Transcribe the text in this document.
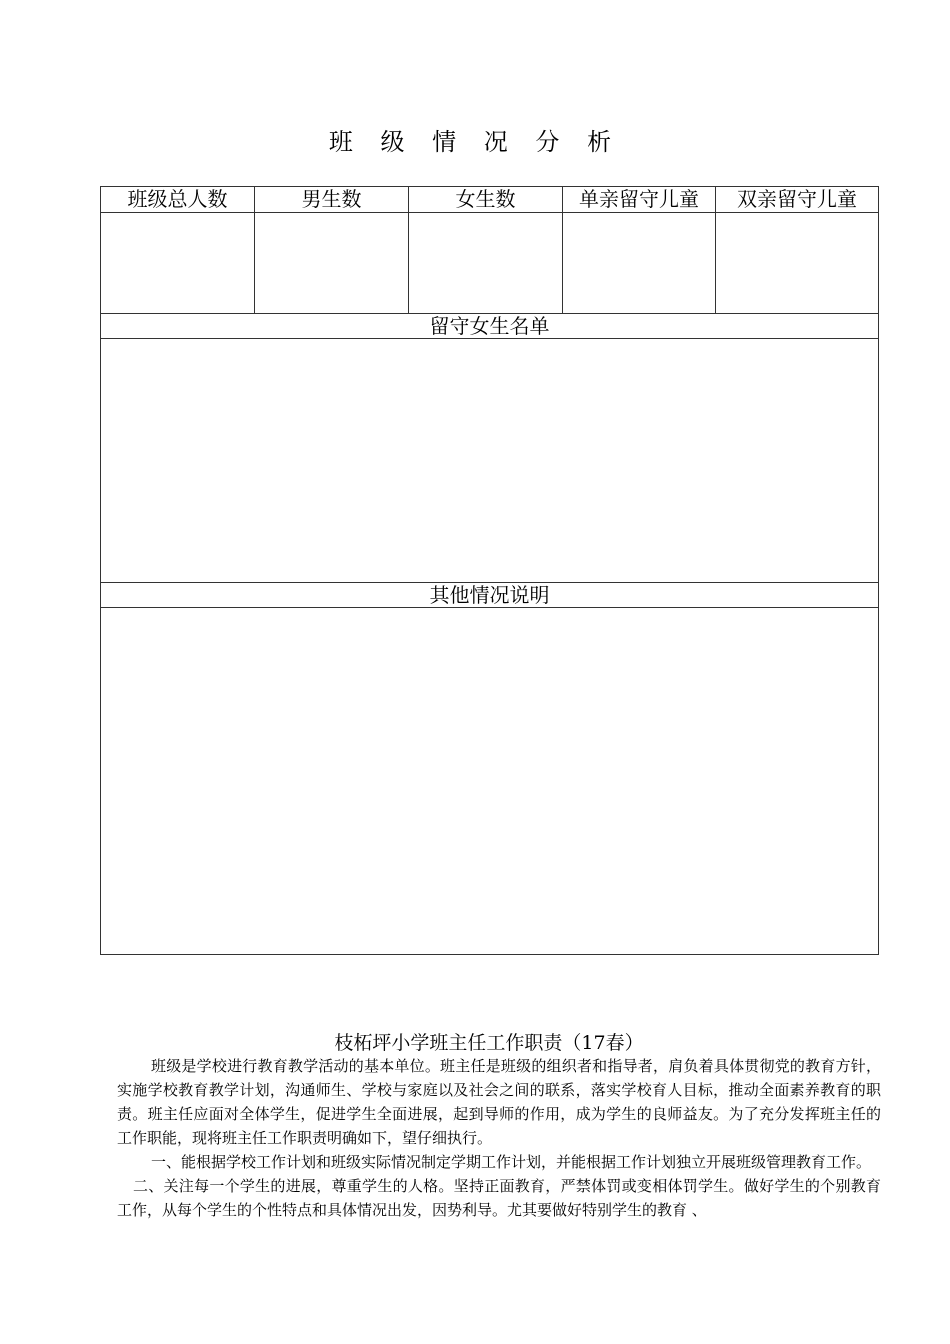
班 级 情 况 分 析
班级总人数	男生数	女生数	单亲留守儿童	双亲留守儿童

留守女生名单				

其他情况说明				

枝柘坪小学班主任工作职责（17春）

班级是学校进行教育教学活动的基本单位。班主任是班级的组织者和指导者，肩负着具体贯彻党的教育方针，实施学校教育教学计划，沟通师生、学校与家庭以及社会之间的联系，落实学校育人目标，推动全面素养教育的职责。班主任应面对全体学生，促进学生全面进展，起到导师的作用，成为学生的良师益友。为了充分发挥班主任的工作职能，现将班主任工作职责明确如下，望仔细执行。

一、能根据学校工作计划和班级实际情况制定学期工作计划，并能根据工作计划独立开展班级管理教育工作。

二、关注每一个学生的进展，尊重学生的人格。坚持正面教育，严禁体罚或变相体罚学生。做好学生的个别教育工作，从每个学生的个性特点和具体情况出发，因势利导。尤其要做好特别学生的教育 、
